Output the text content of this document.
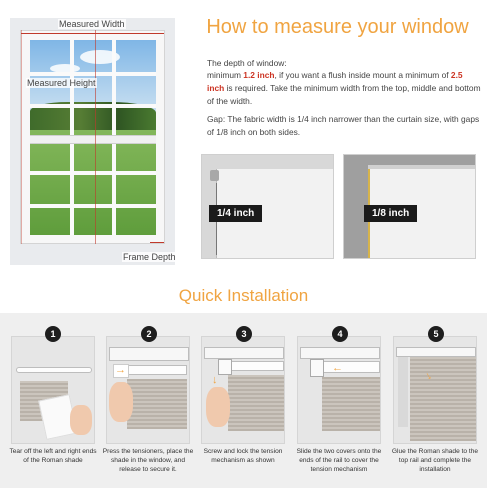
Measured Width
Measured Height
Frame Depth
How to measure your window
The depth of window:
minimum 1.2 inch, if you want a flush inside mount a minimum of 2.5 inch is required. Take the minimum width from the top, middle and bottom of the width.
Gap: The fabric width is 1/4 inch narrower than the curtain size, with gaps of 1/8 inch on both sides.
1/4 inch	1/8 inch
Quick Installation
1
Tear off the left and right ends of the Roman shade
→
2
Press the tensioners, place the shade in the window, and release to secure it.
↓
3
Screw and lock the tension mechanism as shown
←
4
Slide the two covers onto the ends of the rail to cover the tension mechanism
↓
5
Glue the Roman shade to the top rail and complete the installation
